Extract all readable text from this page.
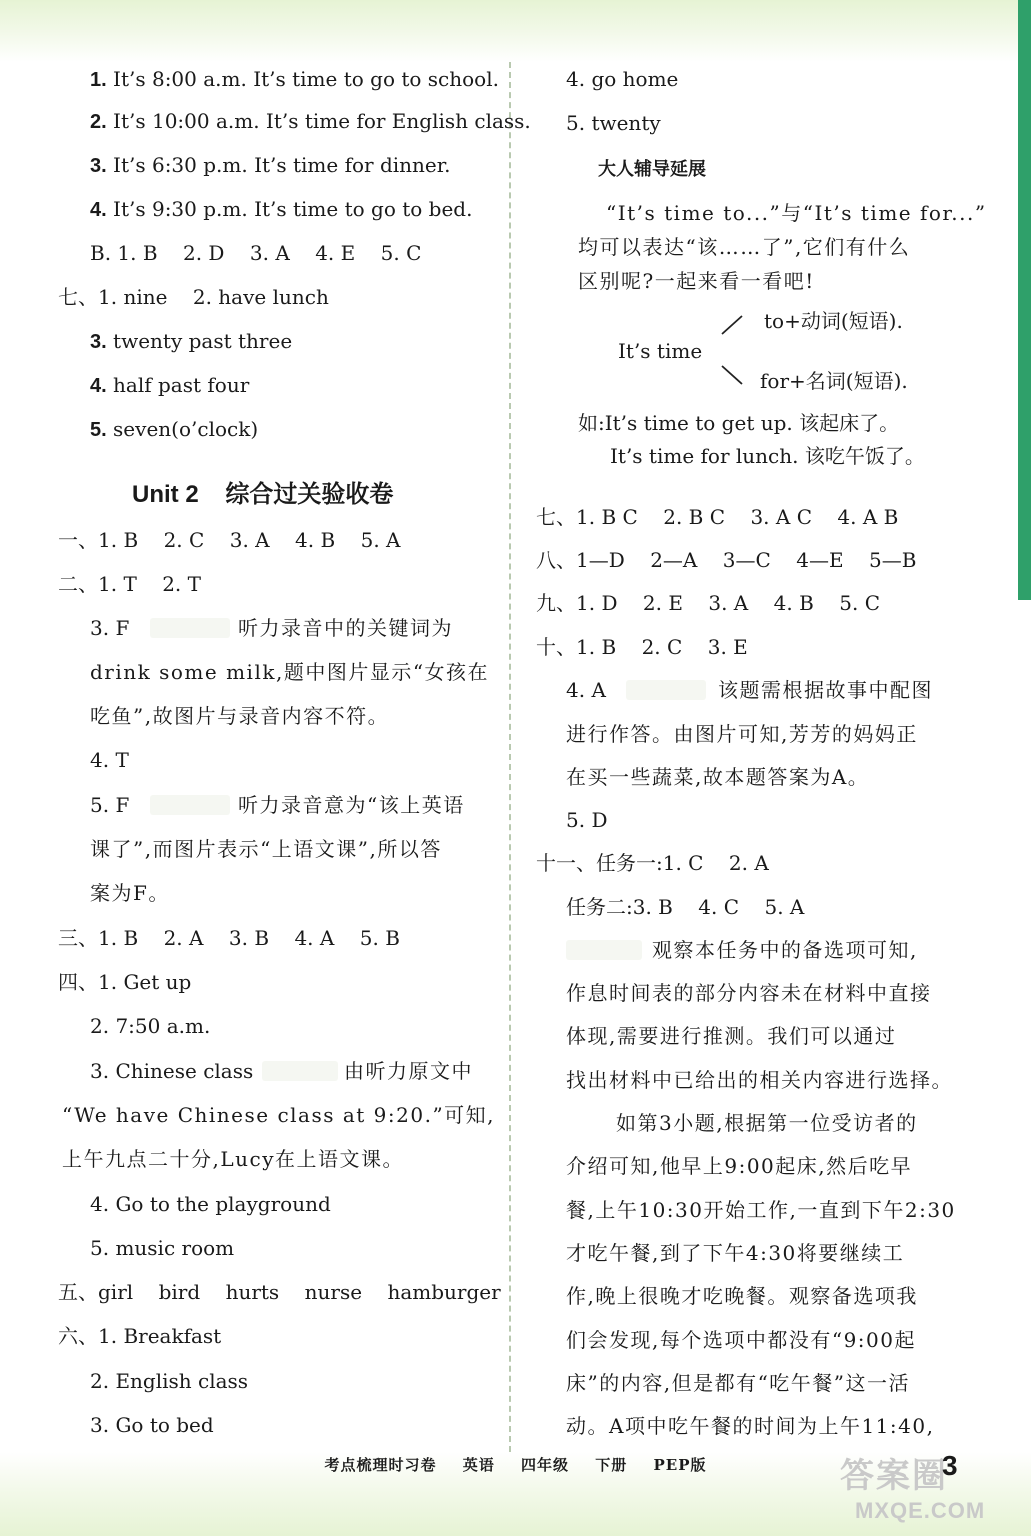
1. It’s 8:00 a.m. It’s time to go to school.
2. It’s 10:00 a.m. It’s time for English class.
3. It’s 6:30 p.m. It’s time for dinner.
4. It’s 9:30 p.m. It’s time to go to bed.
B. 1. B    2. D    3. A    4. E    5. C
七、1. nine    2. have lunch
3. twenty past three
4. half past four
5. seven(o’clock)
Unit 2    综合过关验收卷
一、1. B    2. C    3. A    4. B    5. A
二、1. T    2. T
3. F	听力录音中的关键词为
drink some milk,题中图片显示“女孩在
吃鱼”,故图片与录音内容不符。
4. T
5. F	听力录音意为“该上英语
课了”,而图片表示“上语文课”,所以答
案为F。
三、1. B    2. A    3. B    4. A    5. B
四、1. Get up
2. 7:50 a.m.
3. Chinese class	由听力原文中
“We have Chinese class at 9:20.”可知,
上午九点二十分,Lucy在上语文课。
4. Go to the playground
5. music room
五、girl    bird    hurts    nurse    hamburger
六、1. Breakfast
2. English class
3. Go to bed
4. go home
5. twenty
大人辅导延展
“It’s time to...”与“It’s time for...”
均可以表达“该……了”,它们有什么
区别呢?一起来看一看吧!
It’s time
to+动词(短语).
for+名词(短语).
如:It’s time to get up. 该起床了。
It’s time for lunch. 该吃午饭了。
七、1. B C    2. B C    3. A C    4. A B
八、1—D    2—A    3—C    4—E    5—B
九、1. D    2. E    3. A    4. B    5. C
十、1. B    2. C    3. E
4. A	该题需根据故事中配图
进行作答。由图片可知,芳芳的妈妈正
在买一些蔬菜,故本题答案为A。
5. D
十一、任务一:1. C    2. A
任务二:3. B    4. C    5. A
观察本任务中的备选项可知,
作息时间表的部分内容未在材料中直接
体现,需要进行推测。我们可以通过
找出材料中已给出的相关内容进行选择。
如第3小题,根据第一位受访者的
介绍可知,他早上9:00起床,然后吃早
餐,上午10:30开始工作,一直到下午2:30
才吃午餐,到了下午4:30将要继续工
作,晚上很晚才吃晚餐。观察备选项我
们会发现,每个选项中都没有“9:00起
床”的内容,但是都有“吃午餐”这一活
动。A项中吃午餐的时间为上午11:40,
考点梳理时习卷 英语 四年级 下册 PEP版	答案圈
MXQE.COM
3
